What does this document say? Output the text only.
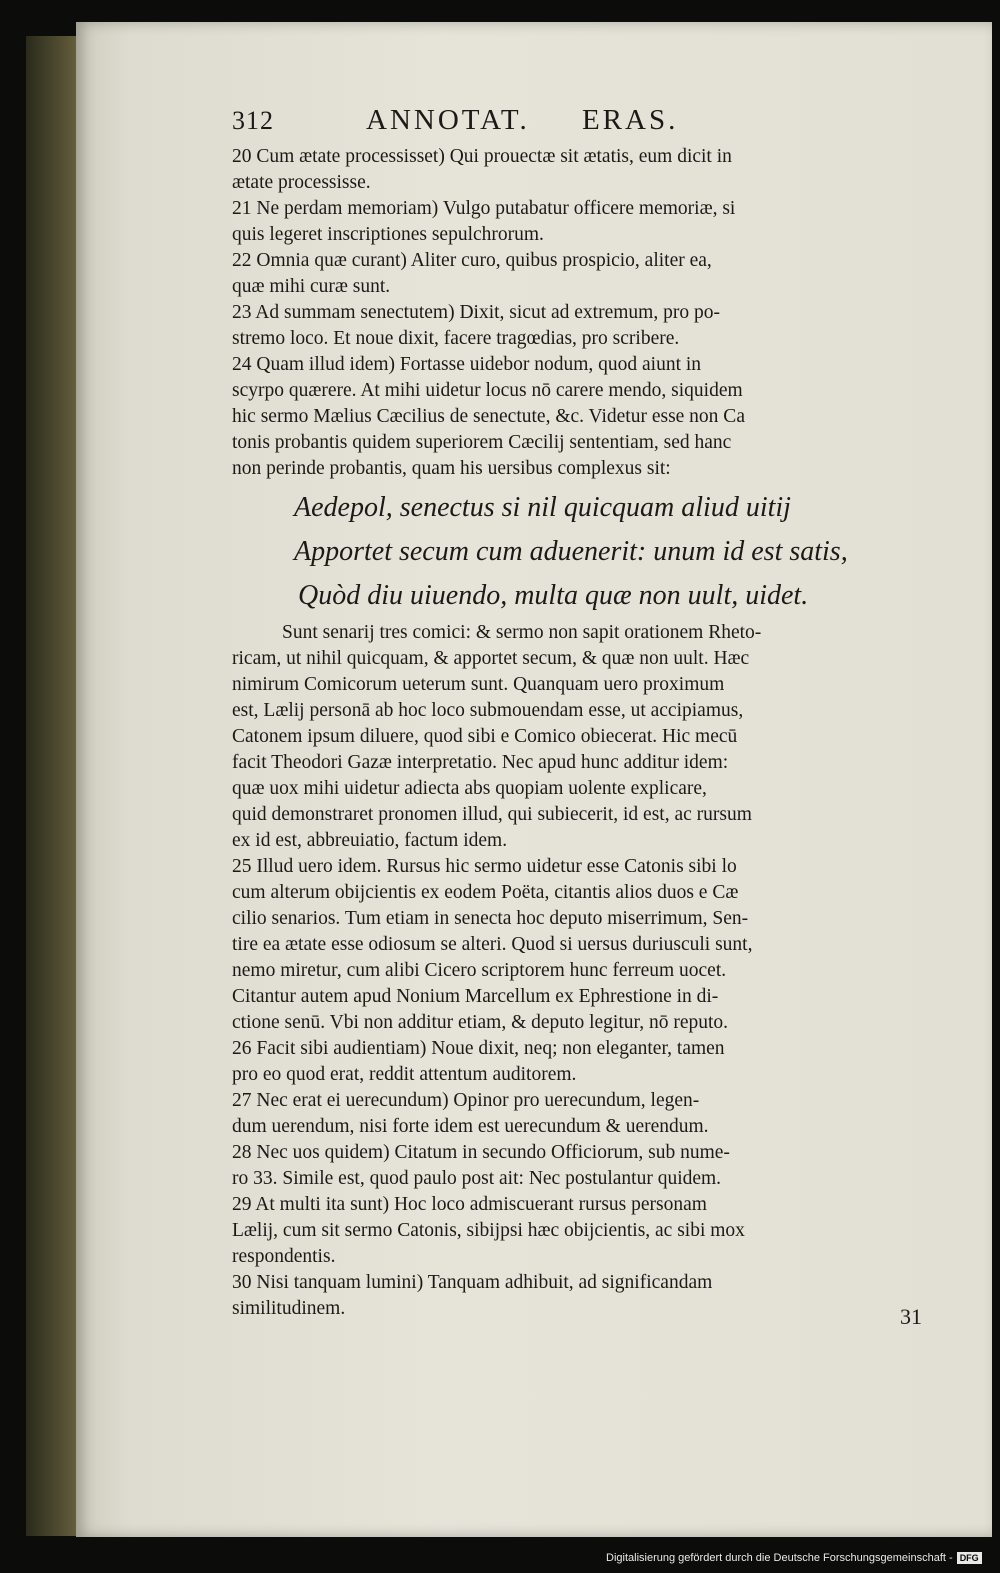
312	ANNOTAT. ERAS.
20 Cum ætate processisset) Qui prouectæ sit ætatis, eum dicit in
ætate processisse.
21 Ne perdam memoriam) Vulgo putabatur officere memoriæ, si
quis legeret inscriptiones sepulchrorum.
22 Omnia quæ curant) Aliter curo, quibus prospicio, aliter ea,
quæ mihi curæ sunt.
23 Ad summam senectutem) Dixit, sicut ad extremum, pro po-
stremo loco. Et noue dixit, facere tragœdias, pro scribere.
24 Quam illud idem) Fortasse uidebor nodum, quod aiunt in
scyrpo quærere. At mihi uidetur locus nō carere mendo, siquidem
hic sermo Mælius Cæcilius de senectute, &c. Videtur esse non Ca
tonis probantis quidem superiorem Cæcilij sententiam, sed hanc
non perinde probantis, quam his uersibus complexus sit:
Aedepol, senectus si nil quicquam aliud uitij
Apportet secum cum aduenerit: unum id est satis,
Quòd diu uiuendo, multa quæ non uult, uidet.
Sunt senarij tres comici: & sermo non sapit orationem Rheto-
ricam, ut nihil quicquam, & apportet secum, & quæ non uult. Hæc
nimirum Comicorum ueterum sunt. Quanquam uero proximum
est, Lælij personā ab hoc loco submouendam esse, ut accipiamus,
Catonem ipsum diluere, quod sibi e Comico obiecerat. Hic mecū
facit Theodori Gazæ interpretatio. Nec apud hunc additur idem:
quæ uox mihi uidetur adiecta abs quopiam uolente explicare,
quid demonstraret pronomen illud, qui subiecerit, id est, ac rursum
ex id est, abbreuiatio, factum idem.
25 Illud uero idem. Rursus hic sermo uidetur esse Catonis sibi lo
cum alterum obijcientis ex eodem Poëta, citantis alios duos e Cæ
cilio senarios. Tum etiam in senecta hoc deputo miserrimum, Sen-
tire ea ætate esse odiosum se alteri. Quod si uersus duriusculi sunt,
nemo miretur, cum alibi Cicero scriptorem hunc ferreum uocet.
Citantur autem apud Nonium Marcellum ex Ephrestione in di-
ctione senū. Vbi non additur etiam, & deputo legitur, nō reputo.
26 Facit sibi audientiam) Noue dixit, neq; non eleganter, tamen
pro eo quod erat, reddit attentum auditorem.
27 Nec erat ei uerecundum) Opinor pro uerecundum, legen-
dum uerendum, nisi forte idem est uerecundum & uerendum.
28 Nec uos quidem) Citatum in secundo Officiorum, sub nume-
ro 33. Simile est, quod paulo post ait: Nec postulantur quidem.
29 At multi ita sunt) Hoc loco admiscuerant rursus personam
Lælij, cum sit sermo Catonis, sibijpsi hæc obijcientis, ac sibi mox
respondentis.
30 Nisi tanquam lumini) Tanquam adhibuit, ad significandam
similitudinem.	31
Digitalisierung gefördert durch die Deutsche Forschungsgemeinschaft - DFG
